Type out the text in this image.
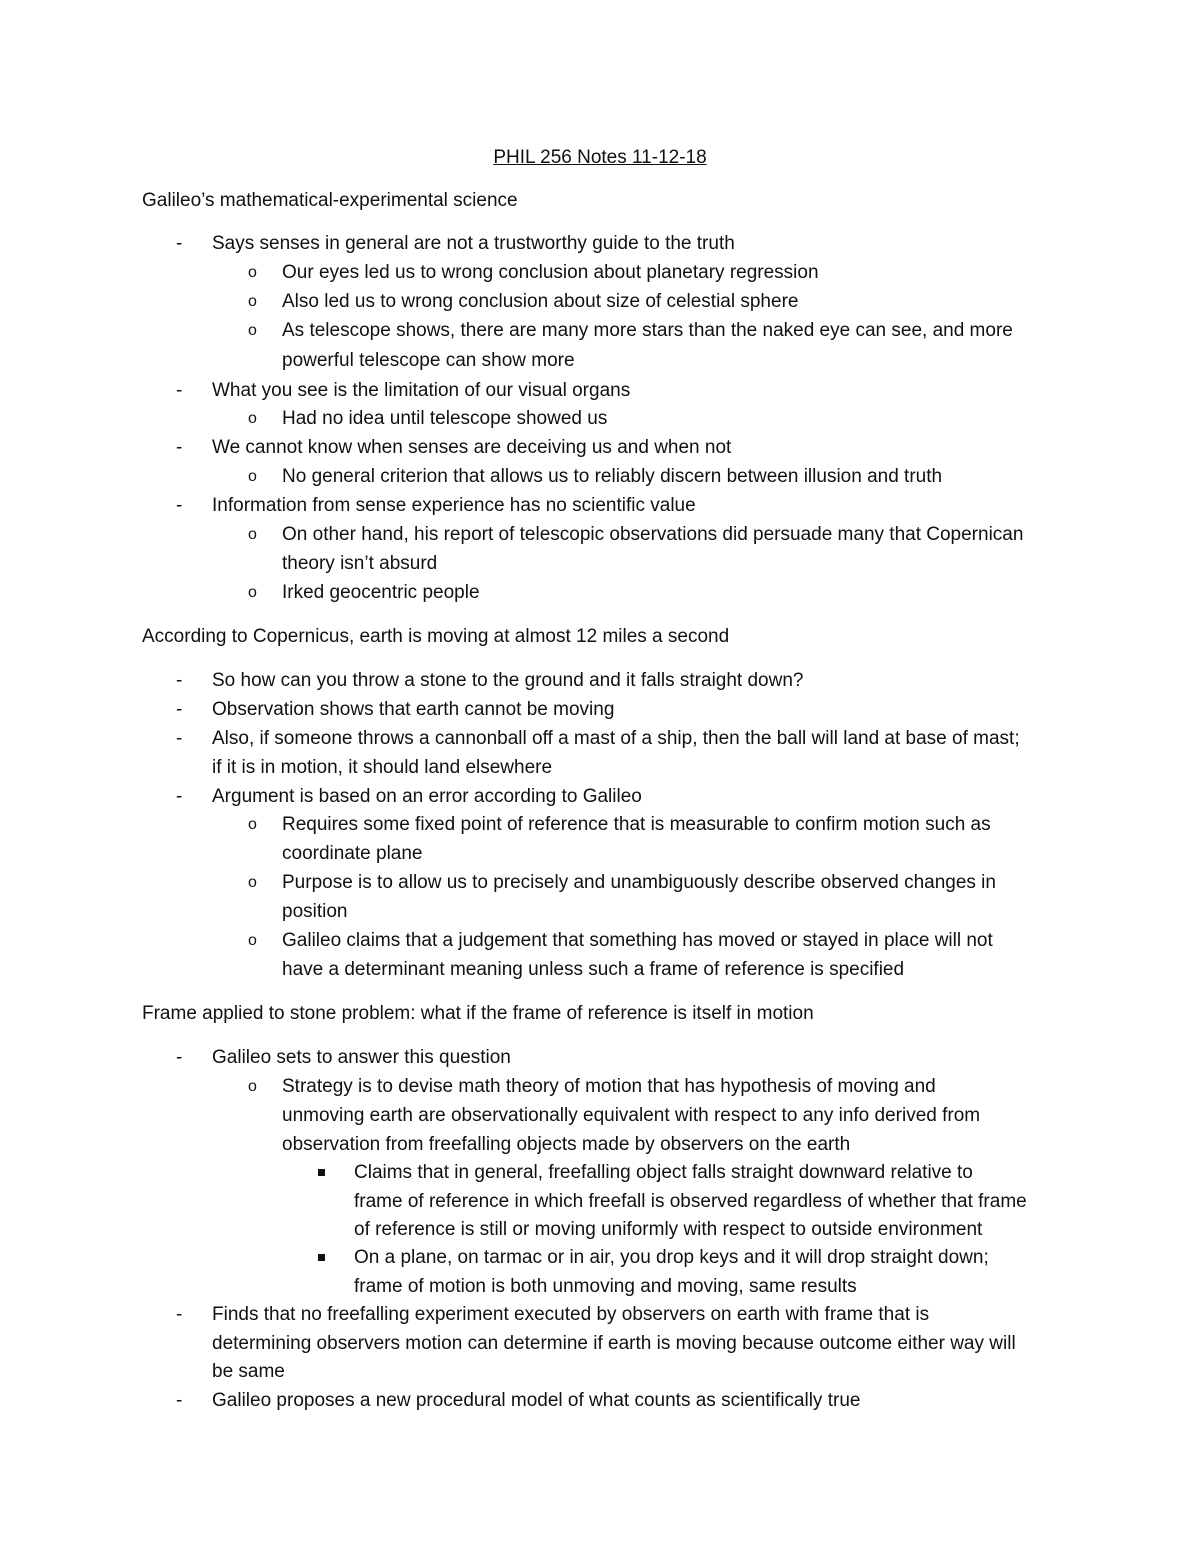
PHIL 256 Notes 11-12-18
Galileo’s mathematical-experimental science
- Says senses in general are not a trustworthy guide to the truth
o Our eyes led us to wrong conclusion about planetary regression
o Also led us to wrong conclusion about size of celestial sphere
o As telescope shows, there are many more stars than the naked eye can see, and more
powerful telescope can show more
- What you see is the limitation of our visual organs
o Had no idea until telescope showed us
- We cannot know when senses are deceiving us and when not
o No general criterion that allows us to reliably discern between illusion and truth
- Information from sense experience has no scientific value
o On other hand, his report of telescopic observations did persuade many that Copernican
theory isn’t absurd
o Irked geocentric people
According to Copernicus, earth is moving at almost 12 miles a second
- So how can you throw a stone to the ground and it falls straight down?
- Observation shows that earth cannot be moving
- Also, if someone throws a cannonball off a mast of a ship, then the ball will land at base of mast;
if it is in motion, it should land elsewhere
- Argument is based on an error according to Galileo
o Requires some fixed point of reference that is measurable to confirm motion such as
coordinate plane
o Purpose is to allow us to precisely and unambiguously describe observed changes in
position
o Galileo claims that a judgement that something has moved or stayed in place will not
have a determinant meaning unless such a frame of reference is specified
Frame applied to stone problem: what if the frame of reference is itself in motion
- Galileo sets to answer this question
o Strategy is to devise math theory of motion that has hypothesis of moving and
unmoving earth are observationally equivalent with respect to any info derived from
observation from freefalling objects made by observers on the earth
Claims that in general, freefalling object falls straight downward relative to
frame of reference in which freefall is observed regardless of whether that frame
of reference is still or moving uniformly with respect to outside environment
On a plane, on tarmac or in air, you drop keys and it will drop straight down;
frame of motion is both unmoving and moving, same results
- Finds that no freefalling experiment executed by observers on earth with frame that is
determining observers motion can determine if earth is moving because outcome either way will
be same
- Galileo proposes a new procedural model of what counts as scientifically true
